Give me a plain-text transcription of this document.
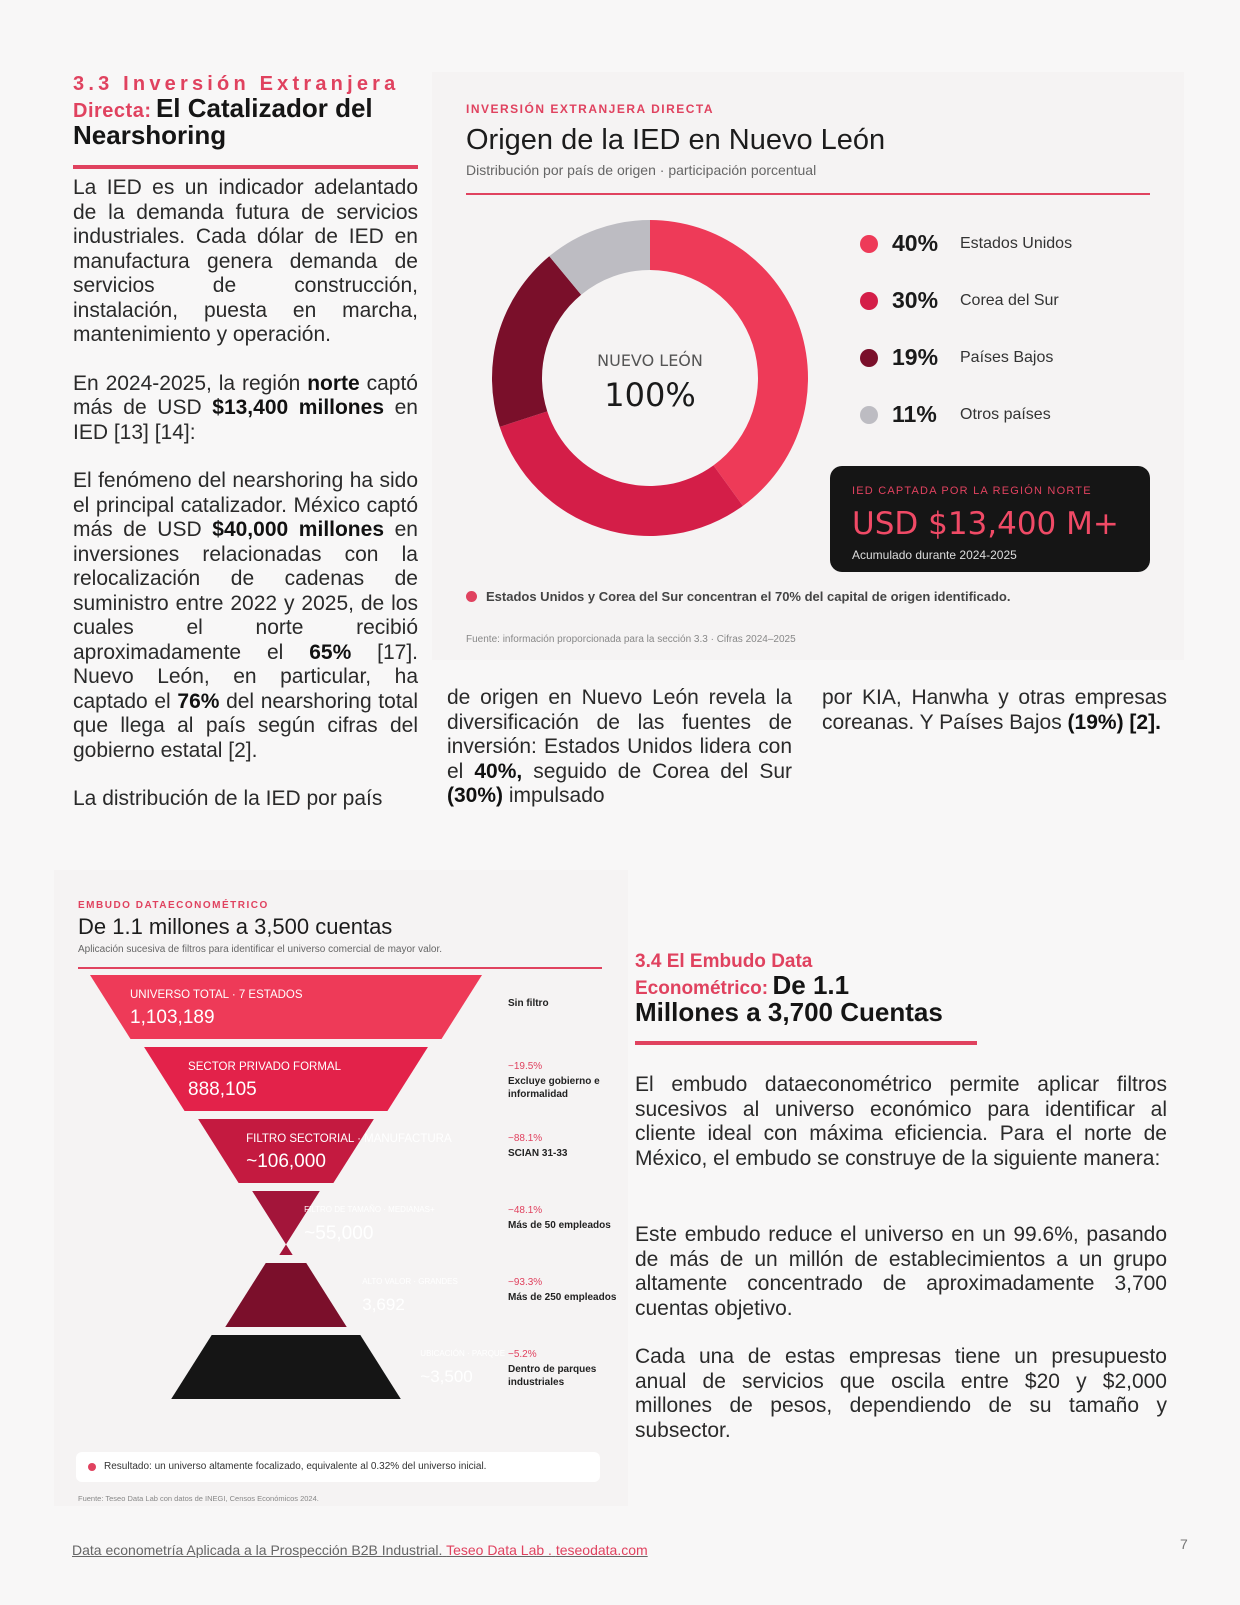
3.3 Inversión Extranjera
Directa: El Catalizador del
Nearshoring

La IED es un indicador adelantado de la demanda futura de servicios industriales. Cada dólar de IED en manufactura genera demanda de servicios de construcción, instalación, puesta en marcha, mantenimiento y operación.

En 2024-2025, la región norte captó más de USD $13,400 millones en IED [13] [14]:

El fenómeno del nearshoring ha sido el principal catalizador. México captó más de USD $40,000 millones en inversiones relacionadas con la relocalización de cadenas de suministro entre 2022 y 2025, de los cuales el norte recibió aproximadamente el 65% [17]. Nuevo León, en particular, ha captado el 76% del nearshoring total que llega al país según cifras del gobierno estatal [2].

La distribución de la IED por país

de origen en Nuevo León revela la diversificación de las fuentes de inversión: Estados Unidos lidera con el 40%, seguido de Corea del Sur (30%) impulsado

por KIA, Hanwha y otras empresas coreanas. Y Países Bajos (19%) [2].

INVERSIÓN EXTRANJERA DIRECTA
Origen de la IED en Nuevo León
Distribución por país de origen · participación porcentual
NUEVO LEÓN
100%
40%	Estados Unidos
30%	Corea del Sur
19%	Países Bajos
11%	Otros países
IED CAPTADA POR LA REGIÓN NORTE
USD $13,400 M+
Acumulado durante 2024-2025
Estados Unidos y Corea del Sur concentran el 70% del capital de origen identificado.
Fuente: información proporcionada para la sección 3.3 · Cifras 2024–2025
EMBUDO DATAECONOMÉTRICO
De 1.1 millones a 3,500 cuentas
Aplicación sucesiva de filtros para identificar el universo comercial de mayor valor.
UNIVERSO TOTAL · 7 ESTADOS
1,103,189
Sin filtro
SECTOR PRIVADO FORMAL
888,105
−19.5%
Excluye gobierno e informalidad
FILTRO SECTORIAL · MANUFACTURA
~106,000
−88.1%
SCIAN 31-33
FILTRO DE TAMAÑO · MEDIANAS+
~55,000
−48.1%
Más de 50 empleados
ALTO VALOR · GRANDES
3,692
−93.3%
Más de 250 empleados
UBICACIÓN · PARQUE
~3,500
−5.2%
Dentro de parques industriales
Resultado: un universo altamente focalizado, equivalente al 0.32% del universo inicial.
Fuente: Teseo Data Lab con datos de INEGI, Censos Económicos 2024.
3.4 El Embudo Data
Econométrico: De 1.1
Millones a 3,700 Cuentas

El embudo dataeconométrico permite aplicar filtros sucesivos al universo económico para identificar al cliente ideal con máxima eficiencia. Para el norte de México, el embudo se construye de la siguiente manera:

Este embudo reduce el universo en un 99.6%, pasando de más de un millón de establecimientos a un grupo altamente concentrado de aproximadamente 3,700 cuentas objetivo.

Cada una de estas empresas tiene un presupuesto anual de servicios que oscila entre $20 y $2,000 millones de pesos, dependiendo de su tamaño y subsector.

Data econometría Aplicada a la Prospección B2B Industrial. Teseo Data Lab . teseodata.com	7
